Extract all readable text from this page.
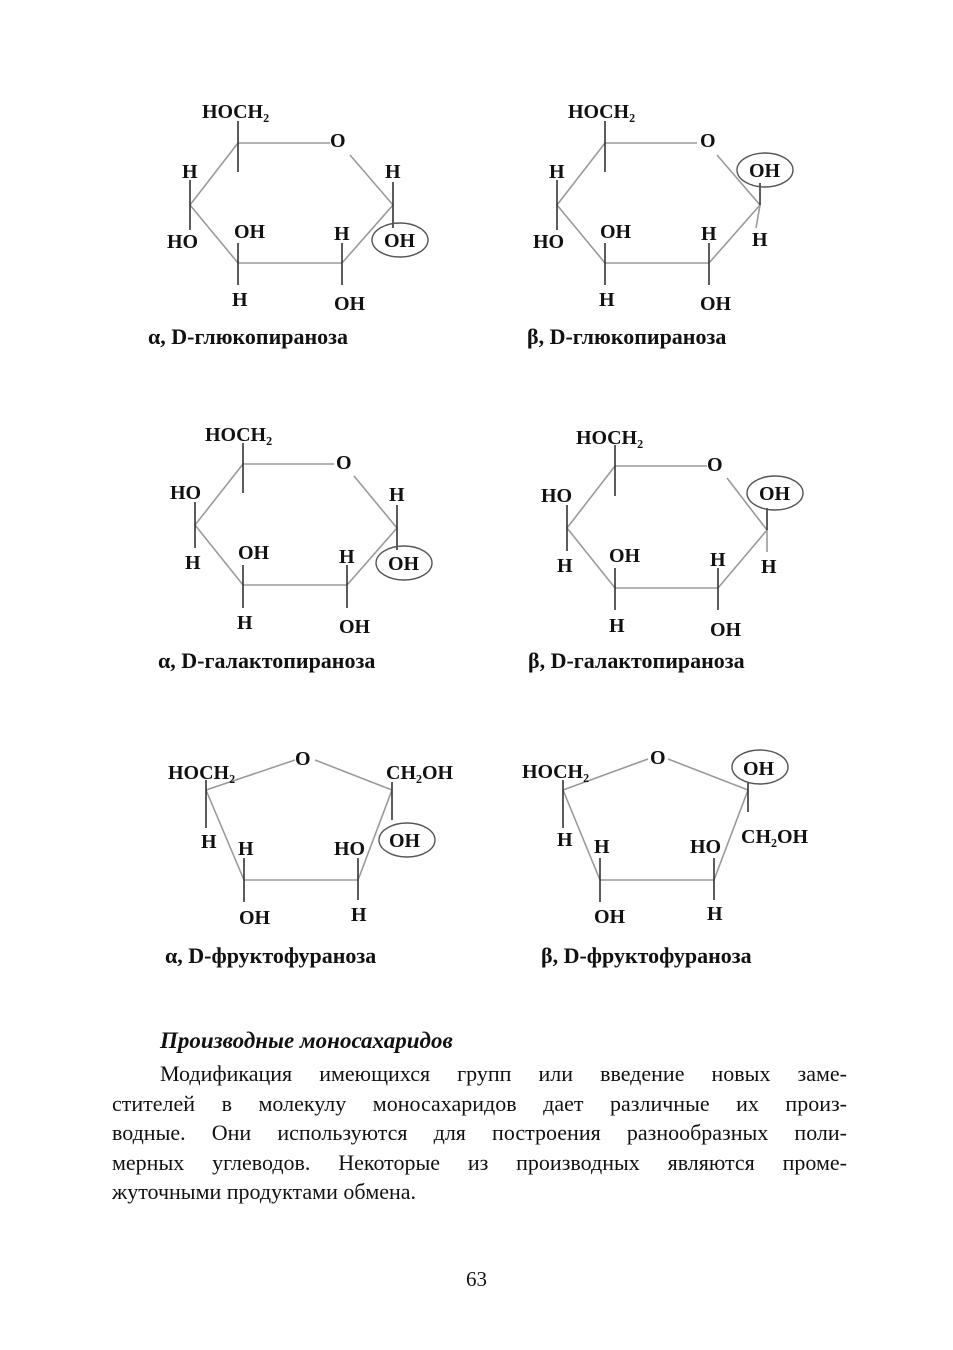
HOCH₂
O
H
HO OH
H
H
OH
H
OH
α, D-глюкопираноза
HOCH₂
O
H
HO OH
H
H
OH
OH
H
β, D-глюкопираноза
HOCH₂
O
HO
H OH
H
H
OH
H
OH
α, D-галактопираноза
HOCH₂
O
HO
H OH
H
H
OH
OH
H
β, D-галактопираноза
HOCH₂
O
CH₂OH
H H	HO OH
OH	H
α, D-фруктофураноза
HOCH₂
O	OH
H H	HO CH₂OH
OH	H
β, D-фруктофураноза
Производные моносахаридов

Модификация имеющихся групп или введение новых заме-
стителей в молекулу моносахаридов дает различные их произ-
водные. Они используются для построения разнообразных поли-
мерных углеводов. Некоторые из производных являются проме-
жуточными продуктами обмена.

63
